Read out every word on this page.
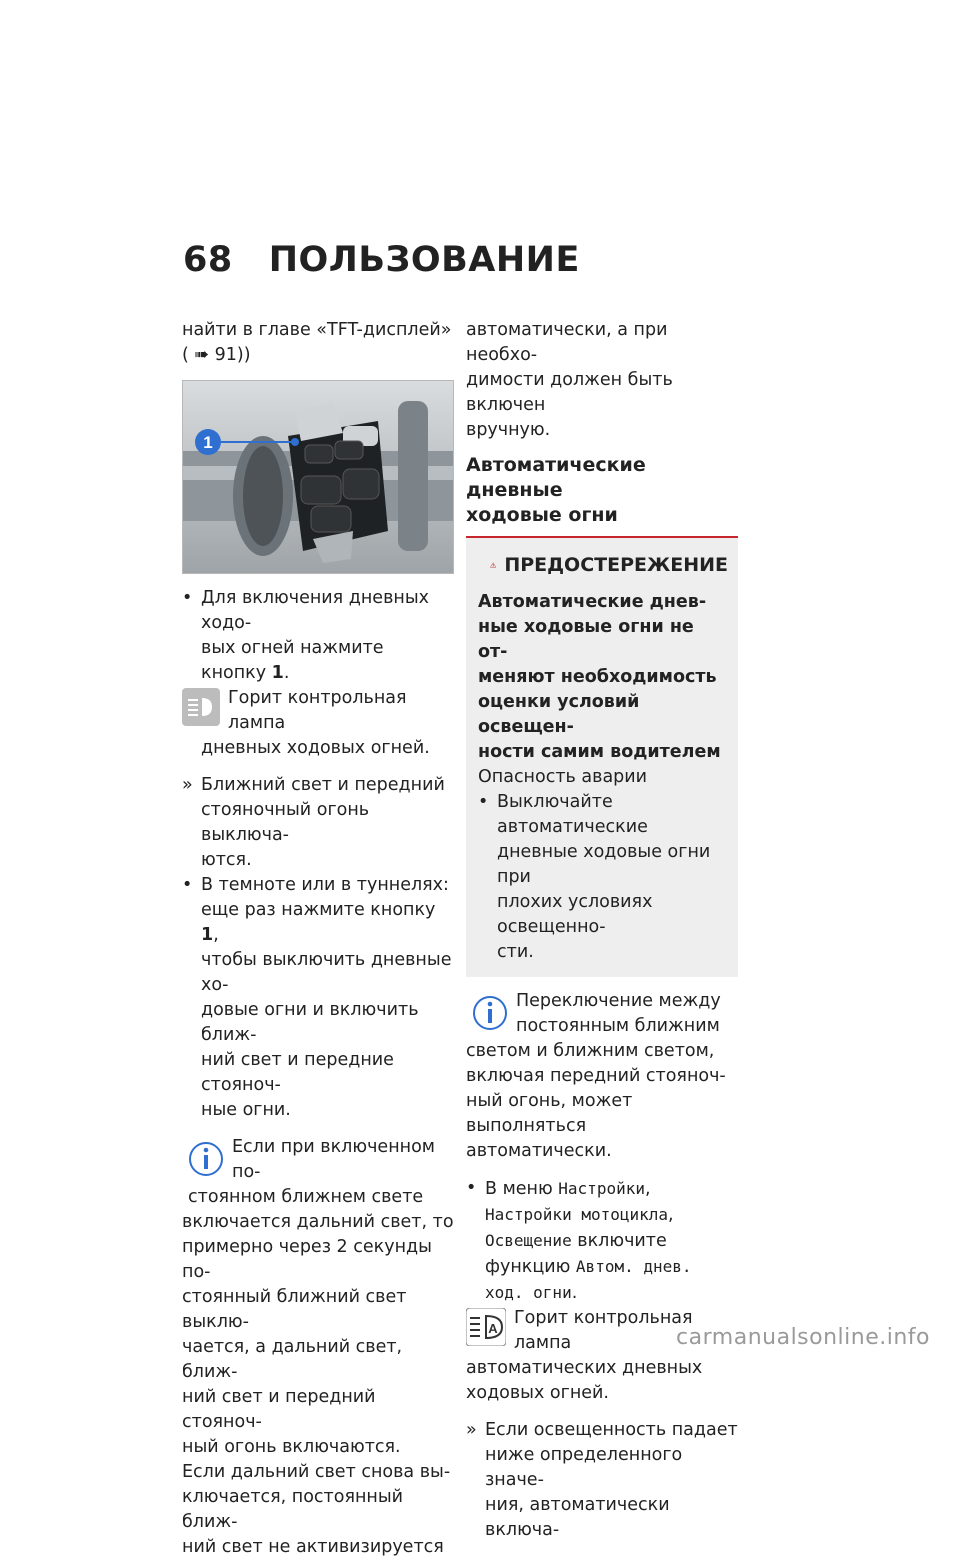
68 ПОЛЬЗОВАНИЕ

найти в главе «TFT-дисплей»

( ➠ 91))

1

• Для включения дневных ходо-
вых огней нажмите кнопку 1.

Горит контрольная лампа
дневных ходовых огней.

» Ближний свет и передний
стояночный огонь выключа-
ются.

• В темноте или в туннелях:
еще раз нажмите кнопку 1,
чтобы выключить дневные хо-
довые огни и включить ближ-
ний свет и передние стояноч-
ные огни.

Если при включенном по-
стоянном ближнем свете

включается дальний свет, то

примерно через 2 секунды по-

стоянный ближний свет выклю-

чается, а дальний свет, ближ-

ний свет и передний стояноч-

ный огонь включаются.

Если дальний свет снова вы-

ключается, постоянный ближ-

ний свет не активизируется

автоматически, а при необхо-

димости должен быть включен

вручную.

Автоматические дневные
ходовые огни
ПРЕДОСТЕРЕЖЕНИЕ
Автоматические днев-
ные ходовые огни не от-
меняют необходимость
оценки условий освещен-
ности самим водителем

Опасность аварии

• Выключайте автоматические
дневные ходовые огни при
плохих условиях освещенно-
сти.

Переключение между
постоянным ближним

светом и ближним светом,

включая передний стояноч-

ный огонь, может выполняться

автоматически.

• В меню Настройки,
Настройки мотоцикла,
Освещение включите
функцию Автом. днев.
ход. огни.

A
Горит контрольная лампа
автоматических дневных

ходовых огней.

» Если освещенность падает
ниже определенного значе-
ния, автоматически включа-

carmanualsonline.info
